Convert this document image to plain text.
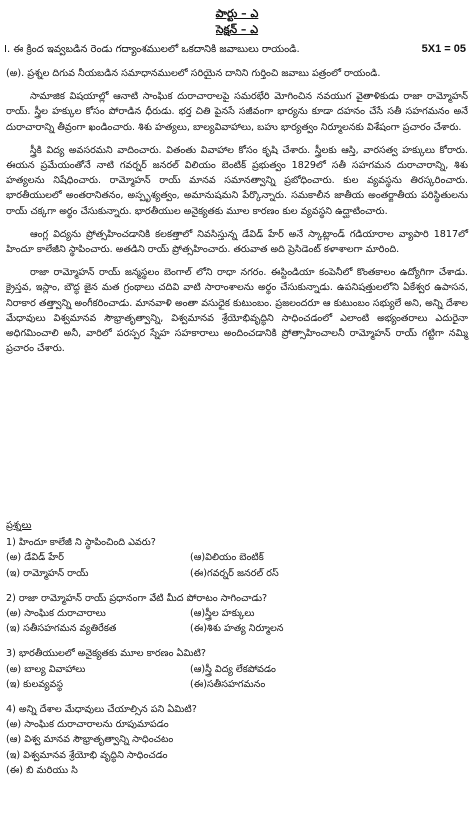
పార్టు – ఎ
సెక్షన్ – ఎ
I. ఈ క్రింద ఇవ్వబడిన రెండు గద్యాంశములలో ఒకదానికి జవాబులు రాయండి.	5X1 = 05

(అ). ప్రశ్నల దిగువ నీయబడిన సమాధానములలో సరియైన దానిని గుర్తించి జవాబు పత్రంలో రాయండి.

సామాజిక విషయాల్లో ఆనాటి సాంఘిక దురాచారాలపై సమరభేరి మోగించిన నవయుగ వైతాళికుడు రాజా రామ్మోహన్ రాయ్. స్త్రీల హక్కుల కోసం పోరాడిన ధీరుడు. భర్త చితి పైనసే సజీవంగా భార్యను కూడా దహనం చేసే సతీ సహగమనం అనే దురాచారాన్ని తీవ్రంగా ఖండించారు. శిశు హత్యలు, బాల్యవివాహాలు, బహు భార్యత్వం నిర్మూలనకు విశేషంగా ప్రచారం చేశారు.

స్త్రీకి విద్య అవసరమని వాదించారు. వితంతు వివాహాల కోసం కృషి చేశారు. స్త్రీలకు ఆస్తి, వారసత్వ హక్కులు కోరారు. ఈయన ప్రమేయంతోనే నాటి గవర్నర్ జనరల్ విలియం బెంటిక్ ప్రభుత్వం 1829లో సతీ సహగమన దురాచారాన్ని, శిశు హత్యలను నిషేధించారు. రామ్మోహన్ రాయ్ మానవ సమానత్వాన్ని ప్రబోధించారు. కుల వ్యవస్థను తిరస్కరించారు. భారతీయులలో అంతరానితనం, అస్పృశ్యత్వం, అమానుషమని పేర్కొన్నారు. సమకాలీన జాతీయ అంతర్జాతీయ పరిస్థితులను రాయ్ చక్కగా అర్థం చేసుకున్నారు. భారతీయుల అనైక్యతకు మూల కారణం కుల వ్యవస్థని ఉద్ఘాటించారు.

ఆంగ్ల విద్యను ప్రోత్సహించడానికి కలకత్తాలో నివసిస్తున్న డేవిడ్ హేర్ అనే స్కాట్లాండ్ గడియారాల వ్యాపారి 1817లో హిందూ కాలేజీని స్థాపించారు. అతడిని రాయ్ ప్రోత్సహించారు. తరువాత అది ప్రెసిడెంట్ కళాశాలగా మారింది.

రాజా రామ్మోహన్ రాయ్ జన్మస్థలం బెంగాల్ లోని రాధా నగరం. ఈస్టిండియా కంపెనీలో కొంతకాలం ఉద్యోగిగా చేశాడు. క్రైస్తవ, ఇస్లాం, బౌద్ధ జైన మత గ్రంథాలు చదివి వాటి సారాంశాలను అర్థం చేసుకున్నాడు. ఉపనిషత్తులలోని ఏకేశ్వర ఉపాసన, నిరాకార తత్త్వాన్ని అంగీకరించాడు. మానవాళి అంతా వసుధైక కుటుంబం. ప్రజలందరూ ఆ కుటుంబం సభ్యులే అని, అన్ని దేశాల మేధావులు విశ్వమానవ సౌభ్రాతృత్వాన్ని, విశ్వమానవ శ్రేయోభివృద్ధిని సాధించడంలో ఎలాంటి అభ్యంతరాలు ఎదురైనా అధిగమించాలి అనీ, వారిలో పరస్పర స్నేహ సహకారాలు అందించడానికి ప్రోత్సాహించాలనీ రామ్మోహన్ రాయ్ గట్టిగా నమ్మి ప్రచారం చేశారు.

ప్రశ్నలు
1) హిందూ కాలేజీ ని స్థాపించింది ఎవరు?
(అ) డేవిడ్ హేర్	(ఆ)విలియం బెంటిక్
(ఇ) రామ్మోహన్ రాయ్	(ఈ)గవర్నర్ జనరల్ రస్
2) రాజా రామ్మోహన్ రాయ్ ప్రధానంగా వేటి మీద పోరాటం సాగించాడు?
(అ) సాంఘిక దురాచారాలు	(ఆ)స్త్రీల హక్కులు
(ఇ) సతీసహగమన వ్యతిరేకత	(ఈ)శిశు హత్య నిర్మూలన
3) భారతీయులలో అనైక్యతకు మూల కారణం ఏమిటి?
(అ) బాల్య వివాహాలు	(ఆ)స్త్రీ విద్య లేకపోవడం
(ఇ) కులవ్యవస్థ	(ఈ)సతీసహగమనం
4) అన్ని దేశాల మేధావులు చేయాల్సిన పని ఏమిటి?
(అ) సాంఘిక దురాచారాలను రూపుమాపడం
(ఆ) విశ్వ మానవ సౌభ్రాతృత్వాన్ని సాధించటం
(ఇ) విశ్వమానవ శ్రేయోభి వృద్ధిని సాధించడం
(ఈ) బి మరియు సి
